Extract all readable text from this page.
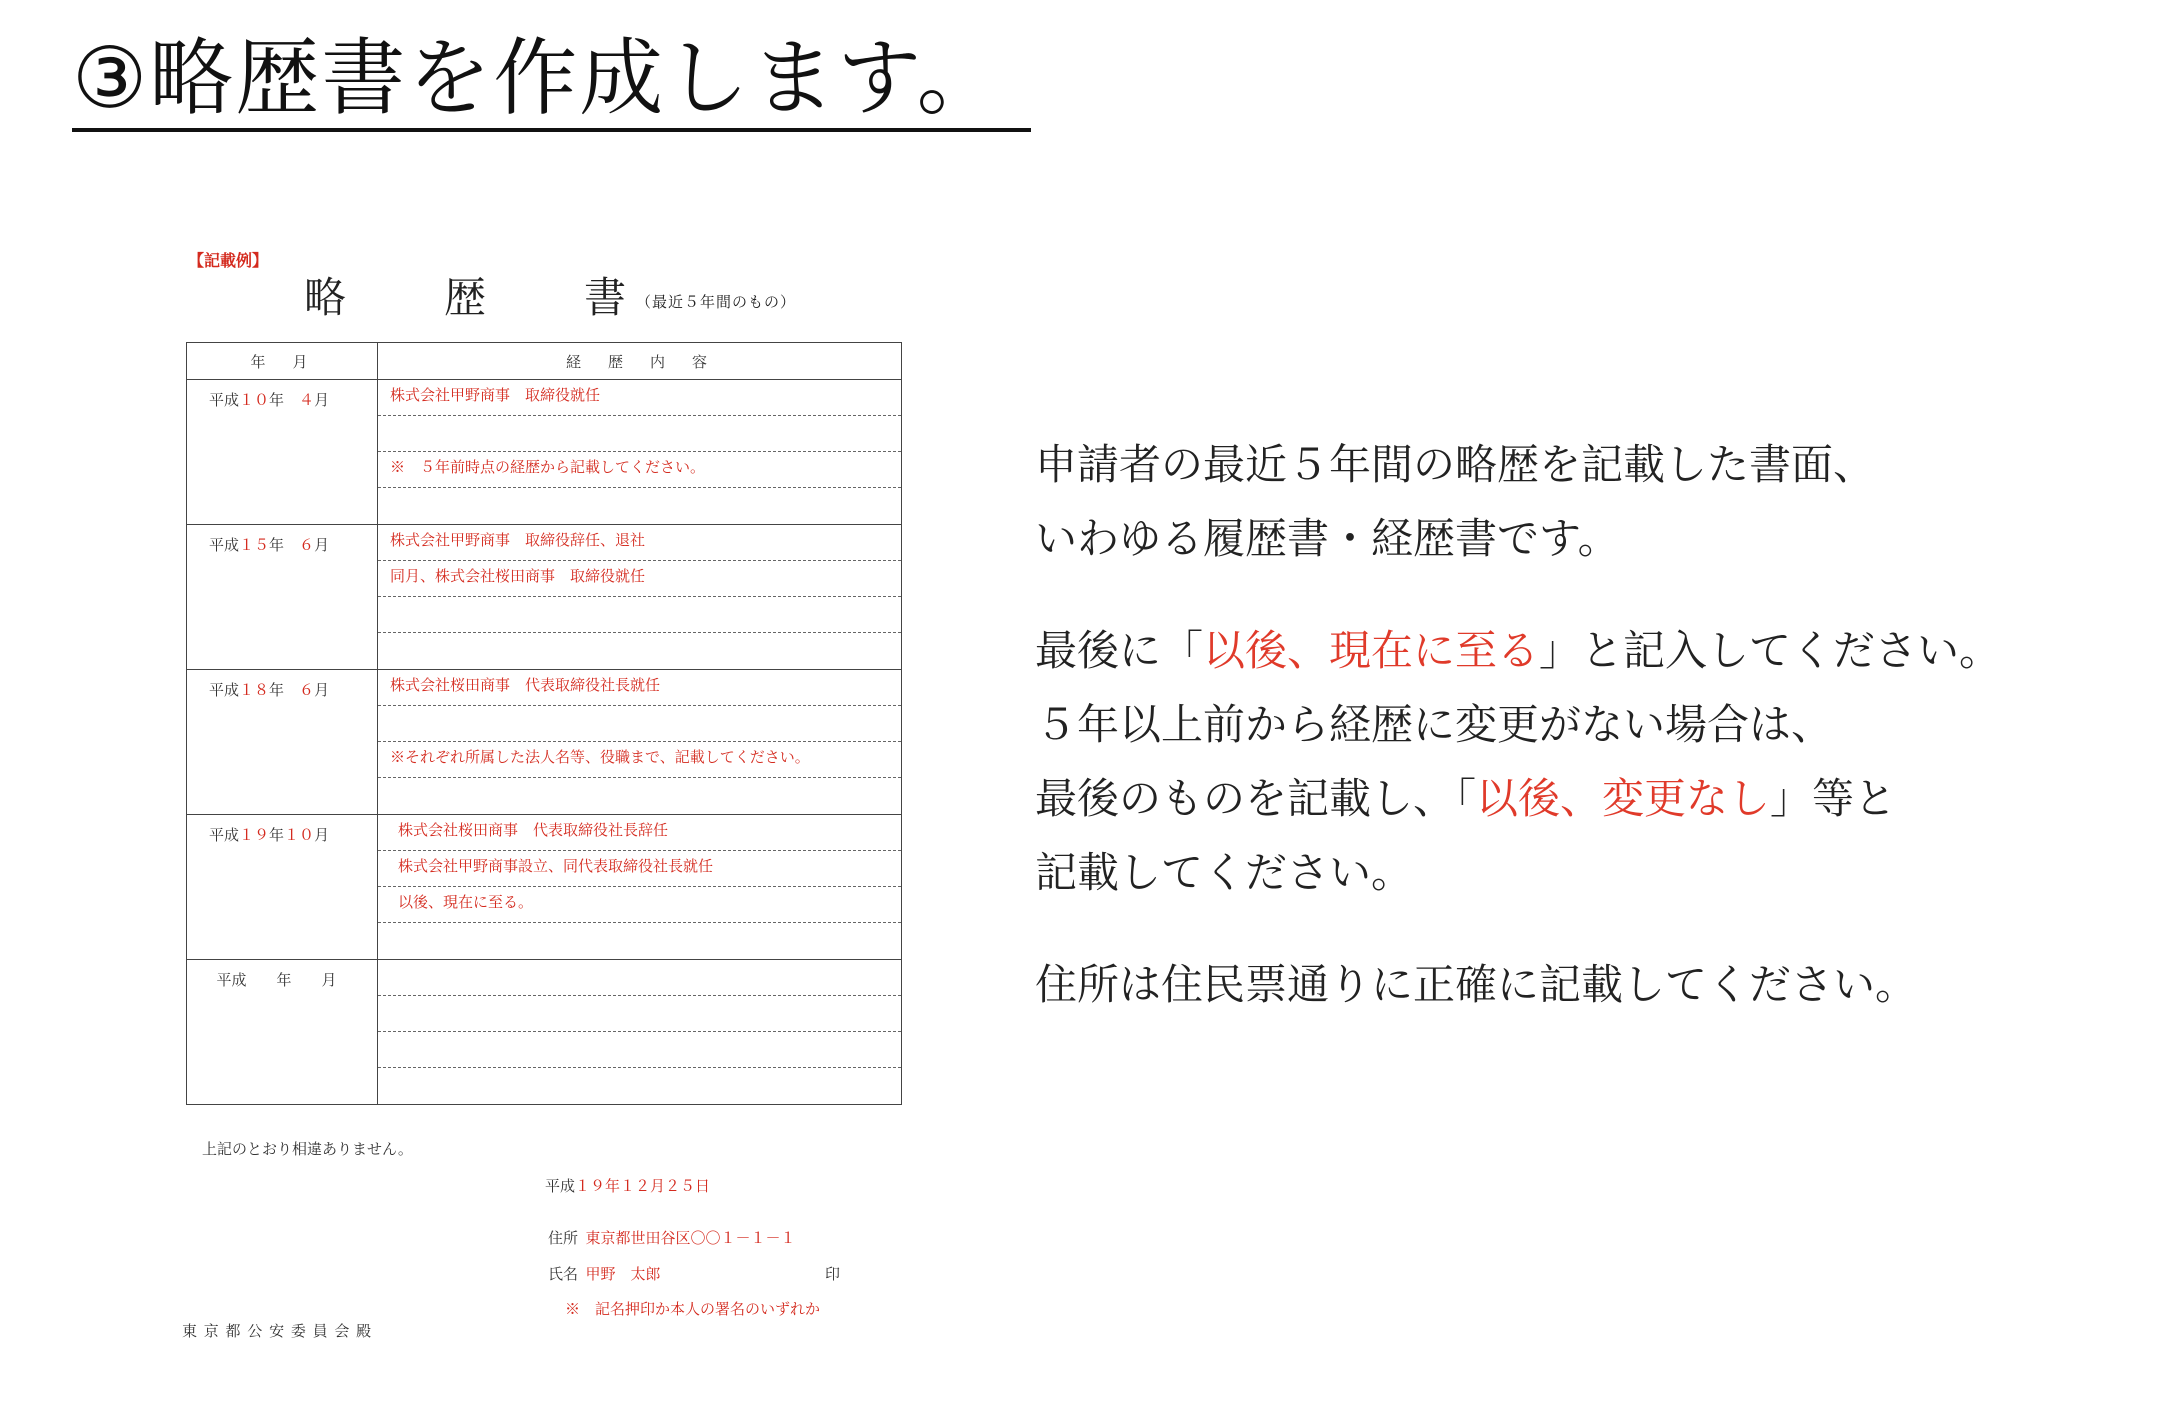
③略歴書を作成します。
【記載例】
略　歴　書（最近５年間のもの）
年　月	経　歴　内　容
平成１０年  ４月	株式会社甲野商事　取締役就任
※　５年前時点の経歴から記載してください。

平成１５年  ６月	株式会社甲野商事　取締役辞任、退社
同月、株式会社桜田商事　取締役就任

平成１８年  ６月	株式会社桜田商事　代表取締役社長就任
※それぞれ所属した法人名等、役職まで、記載してください。

平成１９年１０月	株式会社桜田商事　代表取締役社長辞任
株式会社甲野商事設立、同代表取締役社長就任
以後、現在に至る。

 平成   年   月	
上記のとおり相違ありません。
平成１９年１２月２５日
住所  東京都世田谷区〇〇１－１－１
氏名  甲野　太郎	印
※　記名押印か本人の署名のいずれか
東 京 都 公 安 委 員 会 殿

申請者の最近５年間の略歴を記載した書面、
いわゆる履歴書・経歴書です。

最後に「以後、現在に至る」と記入してください。
５年以上前から経歴に変更がない場合は、
最後のものを記載し、「以後、変更なし」等と
記載してください。

住所は住民票通りに正確に記載してください。
